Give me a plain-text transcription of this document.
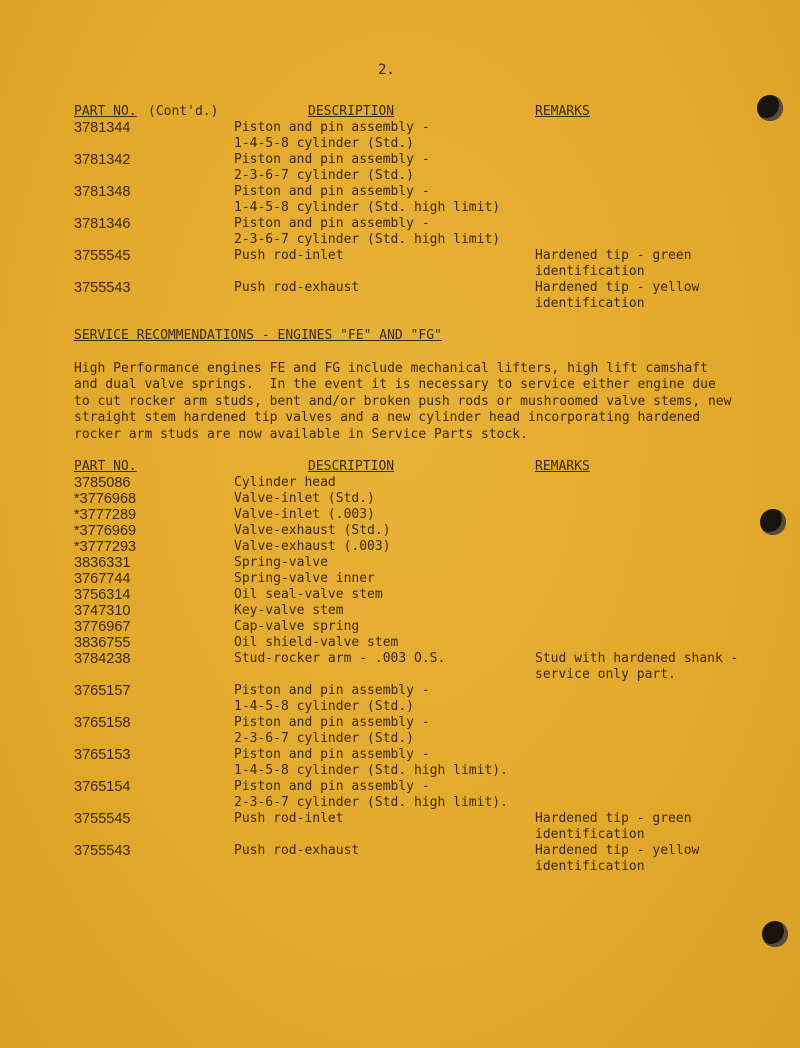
2.
PART NO. (Cont'd.)	DESCRIPTION	REMARKS
3781344	Piston and pin assembly -
1-4-5-8 cylinder (Std.)
3781342	Piston and pin assembly -
2-3-6-7 cylinder (Std.)
3781348	Piston and pin assembly -
1-4-5-8 cylinder (Std. high limit)
3781346	Piston and pin assembly -
2-3-6-7 cylinder (Std. high limit)
3755545	Push rod-inlet	Hardened tip - green
identification
3755543	Push rod-exhaust	Hardened tip - yellow
identification
SERVICE RECOMMENDATIONS - ENGINES "FE" AND "FG"
High Performance engines FE and FG include mechanical lifters, high lift camshaft
and dual valve springs.  In the event it is necessary to service either engine due
to cut rocker arm studs, bent and/or broken push rods or mushroomed valve stems, new
straight stem hardened tip valves and a new cylinder head incorporating hardened
rocker arm studs are now available in Service Parts stock.
PART NO.	DESCRIPTION	REMARKS
3785086	Cylinder head
*3776968	Valve-inlet (Std.)
*3777289	Valve-inlet (.003)
*3776969	Valve-exhaust (Std.)
*3777293	Valve-exhaust (.003)
3836331	Spring-valve
3767744	Spring-valve inner
3756314	Oil seal-valve stem
3747310	Key-valve stem
3776967	Cap-valve spring
3836755	Oil shield-valve stem
3784238	Stud-rocker arm - .003 O.S.	Stud with hardened shank -
service only part.
3765157	Piston and pin assembly -
1-4-5-8 cylinder (Std.)
3765158	Piston and pin assembly -
2-3-6-7 cylinder (Std.)
3765153	Piston and pin assembly -
1-4-5-8 cylinder (Std. high limit).
3765154	Piston and pin assembly -
2-3-6-7 cylinder (Std. high limit).
3755545	Push rod-inlet	Hardened tip - green
identification
3755543	Push rod-exhaust	Hardened tip - yellow
identification
